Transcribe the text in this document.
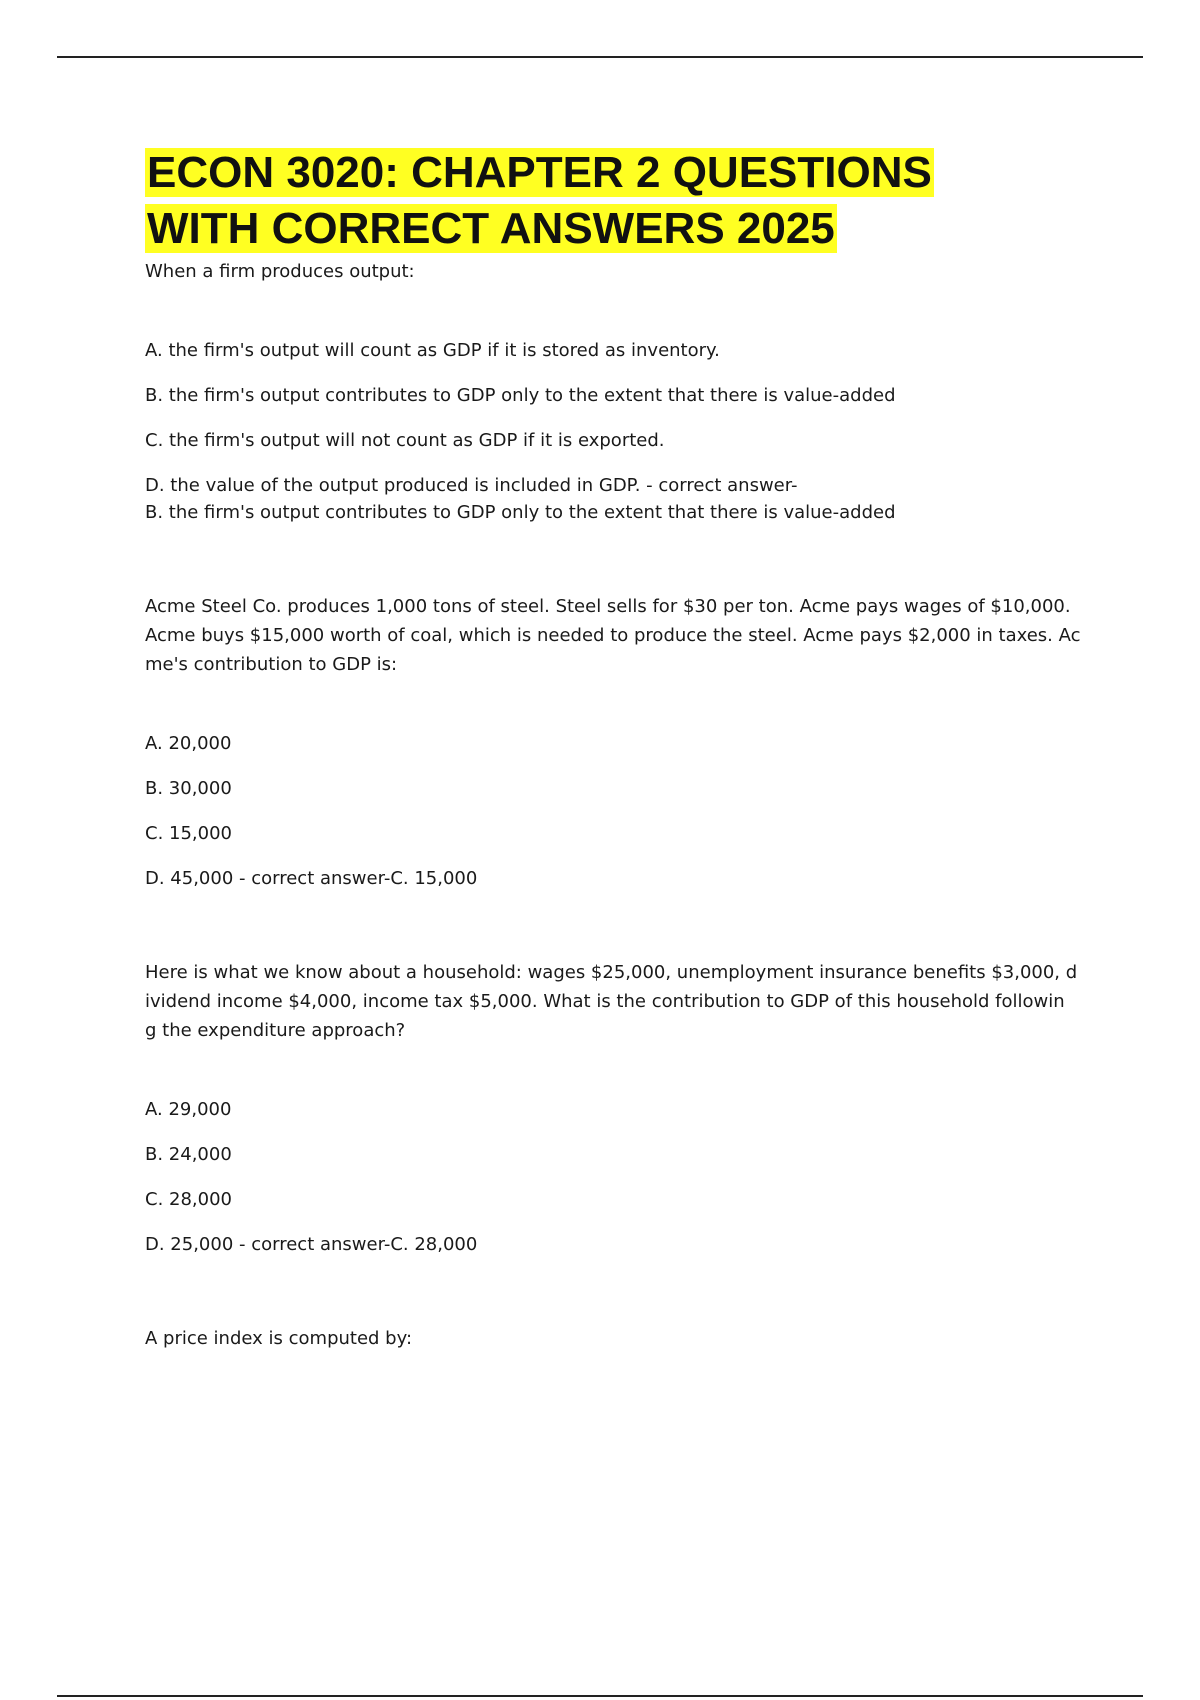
ECON 3020: CHAPTER 2 QUESTIONS
WITH CORRECT ANSWERS 2025

When a firm produces output:

A. the firm's output will count as GDP if it is stored as inventory.

B. the firm's output contributes to GDP only to the extent that there is value-added

C. the firm's output will not count as GDP if it is exported.

D. the value of the output produced is included in GDP. - correct answer-

B. the firm's output contributes to GDP only to the extent that there is value-added

Acme Steel Co. produces 1,000 tons of steel. Steel sells for $30 per ton. Acme pays wages of $10,000.

Acme buys $15,000 worth of coal, which is needed to produce the steel. Acme pays $2,000 in taxes. Ac

me's contribution to GDP is:

A. 20,000

B. 30,000

C. 15,000

D. 45,000 - correct answer-C. 15,000

Here is what we know about a household: wages $25,000, unemployment insurance benefits $3,000, d

ividend income $4,000, income tax $5,000. What is the contribution to GDP of this household followin

g the expenditure approach?

A. 29,000

B. 24,000

C. 28,000

D. 25,000 - correct answer-C. 28,000

A price index is computed by:
